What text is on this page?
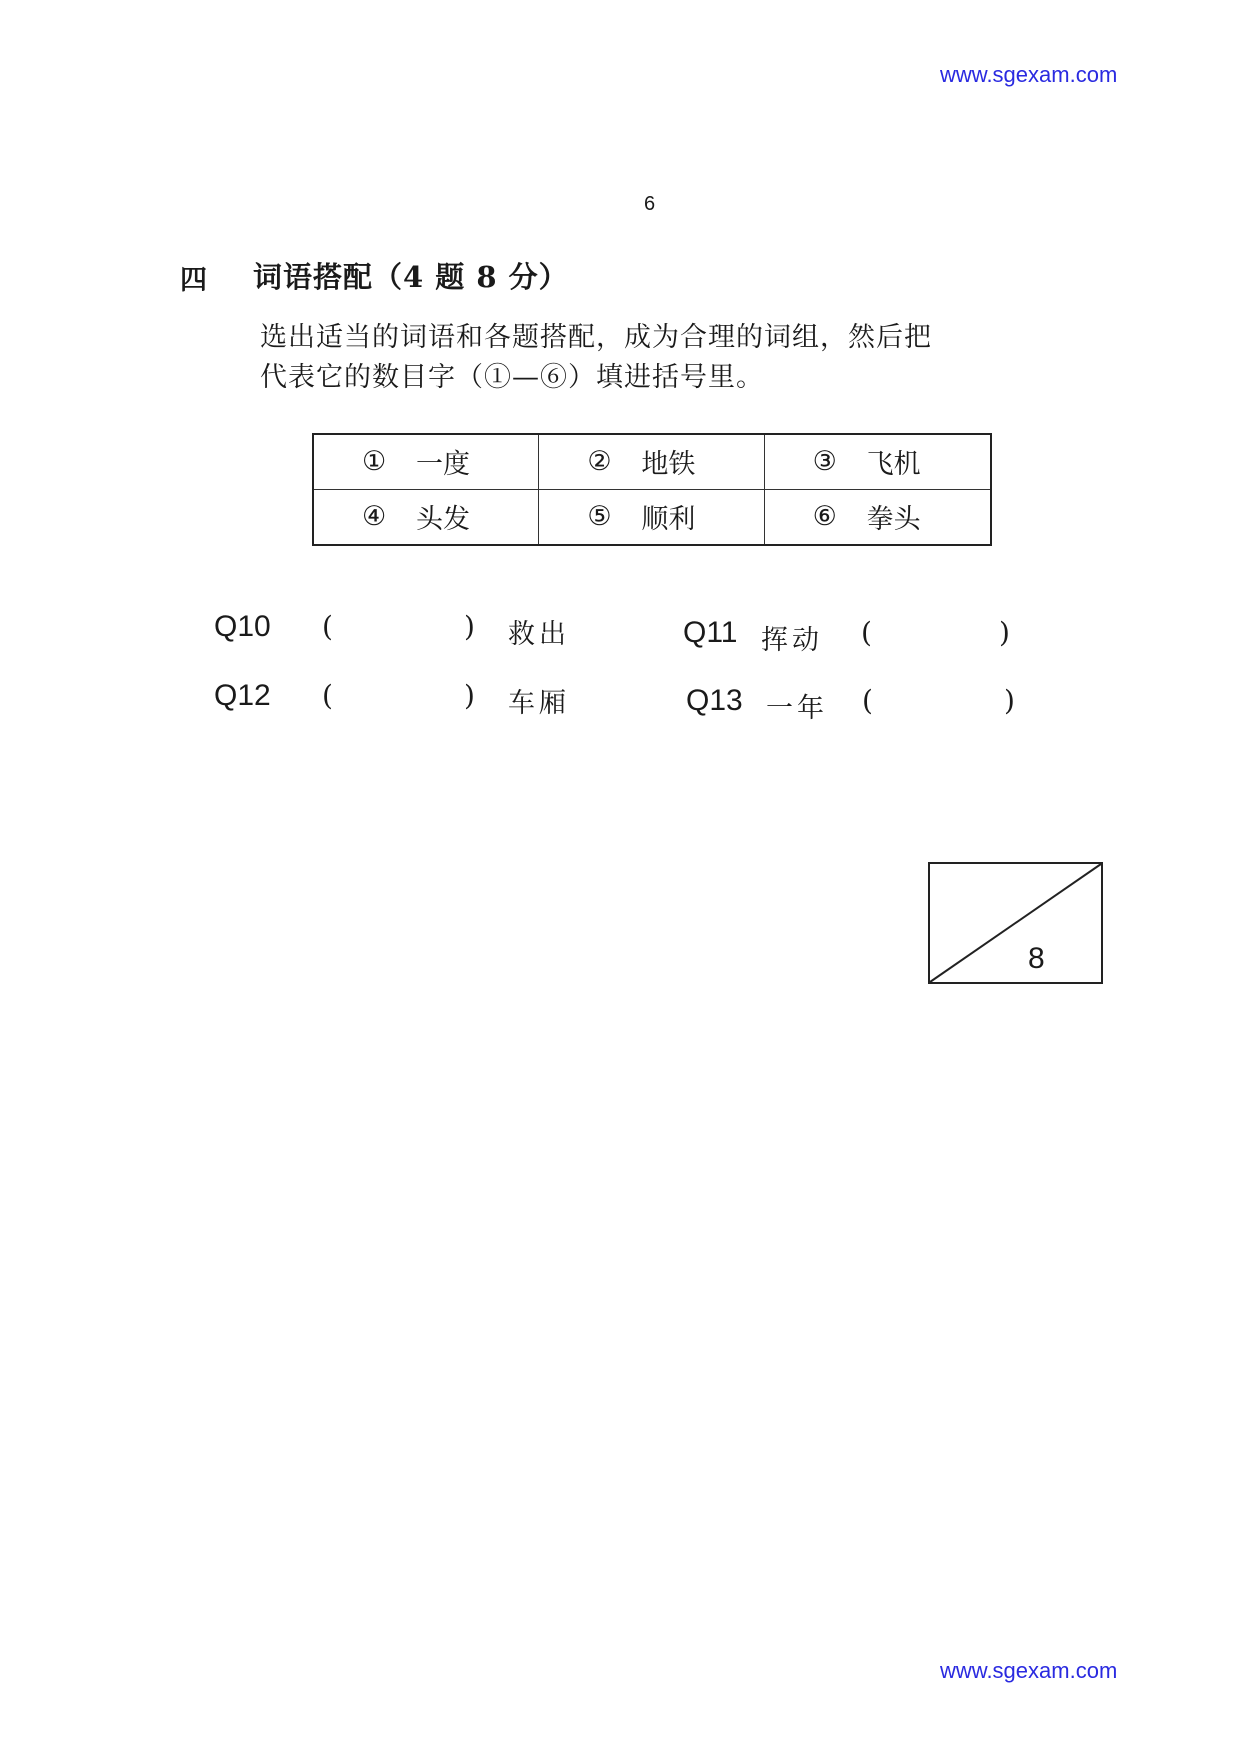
www.sgexam.com
6
四 词语搭配（4 题 8 分）
选出适当的词语和各题搭配，成为合理的词组，然后把
代表它的数目字（①—⑥）填进括号里。
① 一度	② 地铁	③ 飞机
④ 头发	⑤ 顺利	⑥ 拳头
Q10 (	) 救出	Q11 挥动 (	)
Q12 (	) 车厢	Q13 一年 (	)
8
www.sgexam.com
